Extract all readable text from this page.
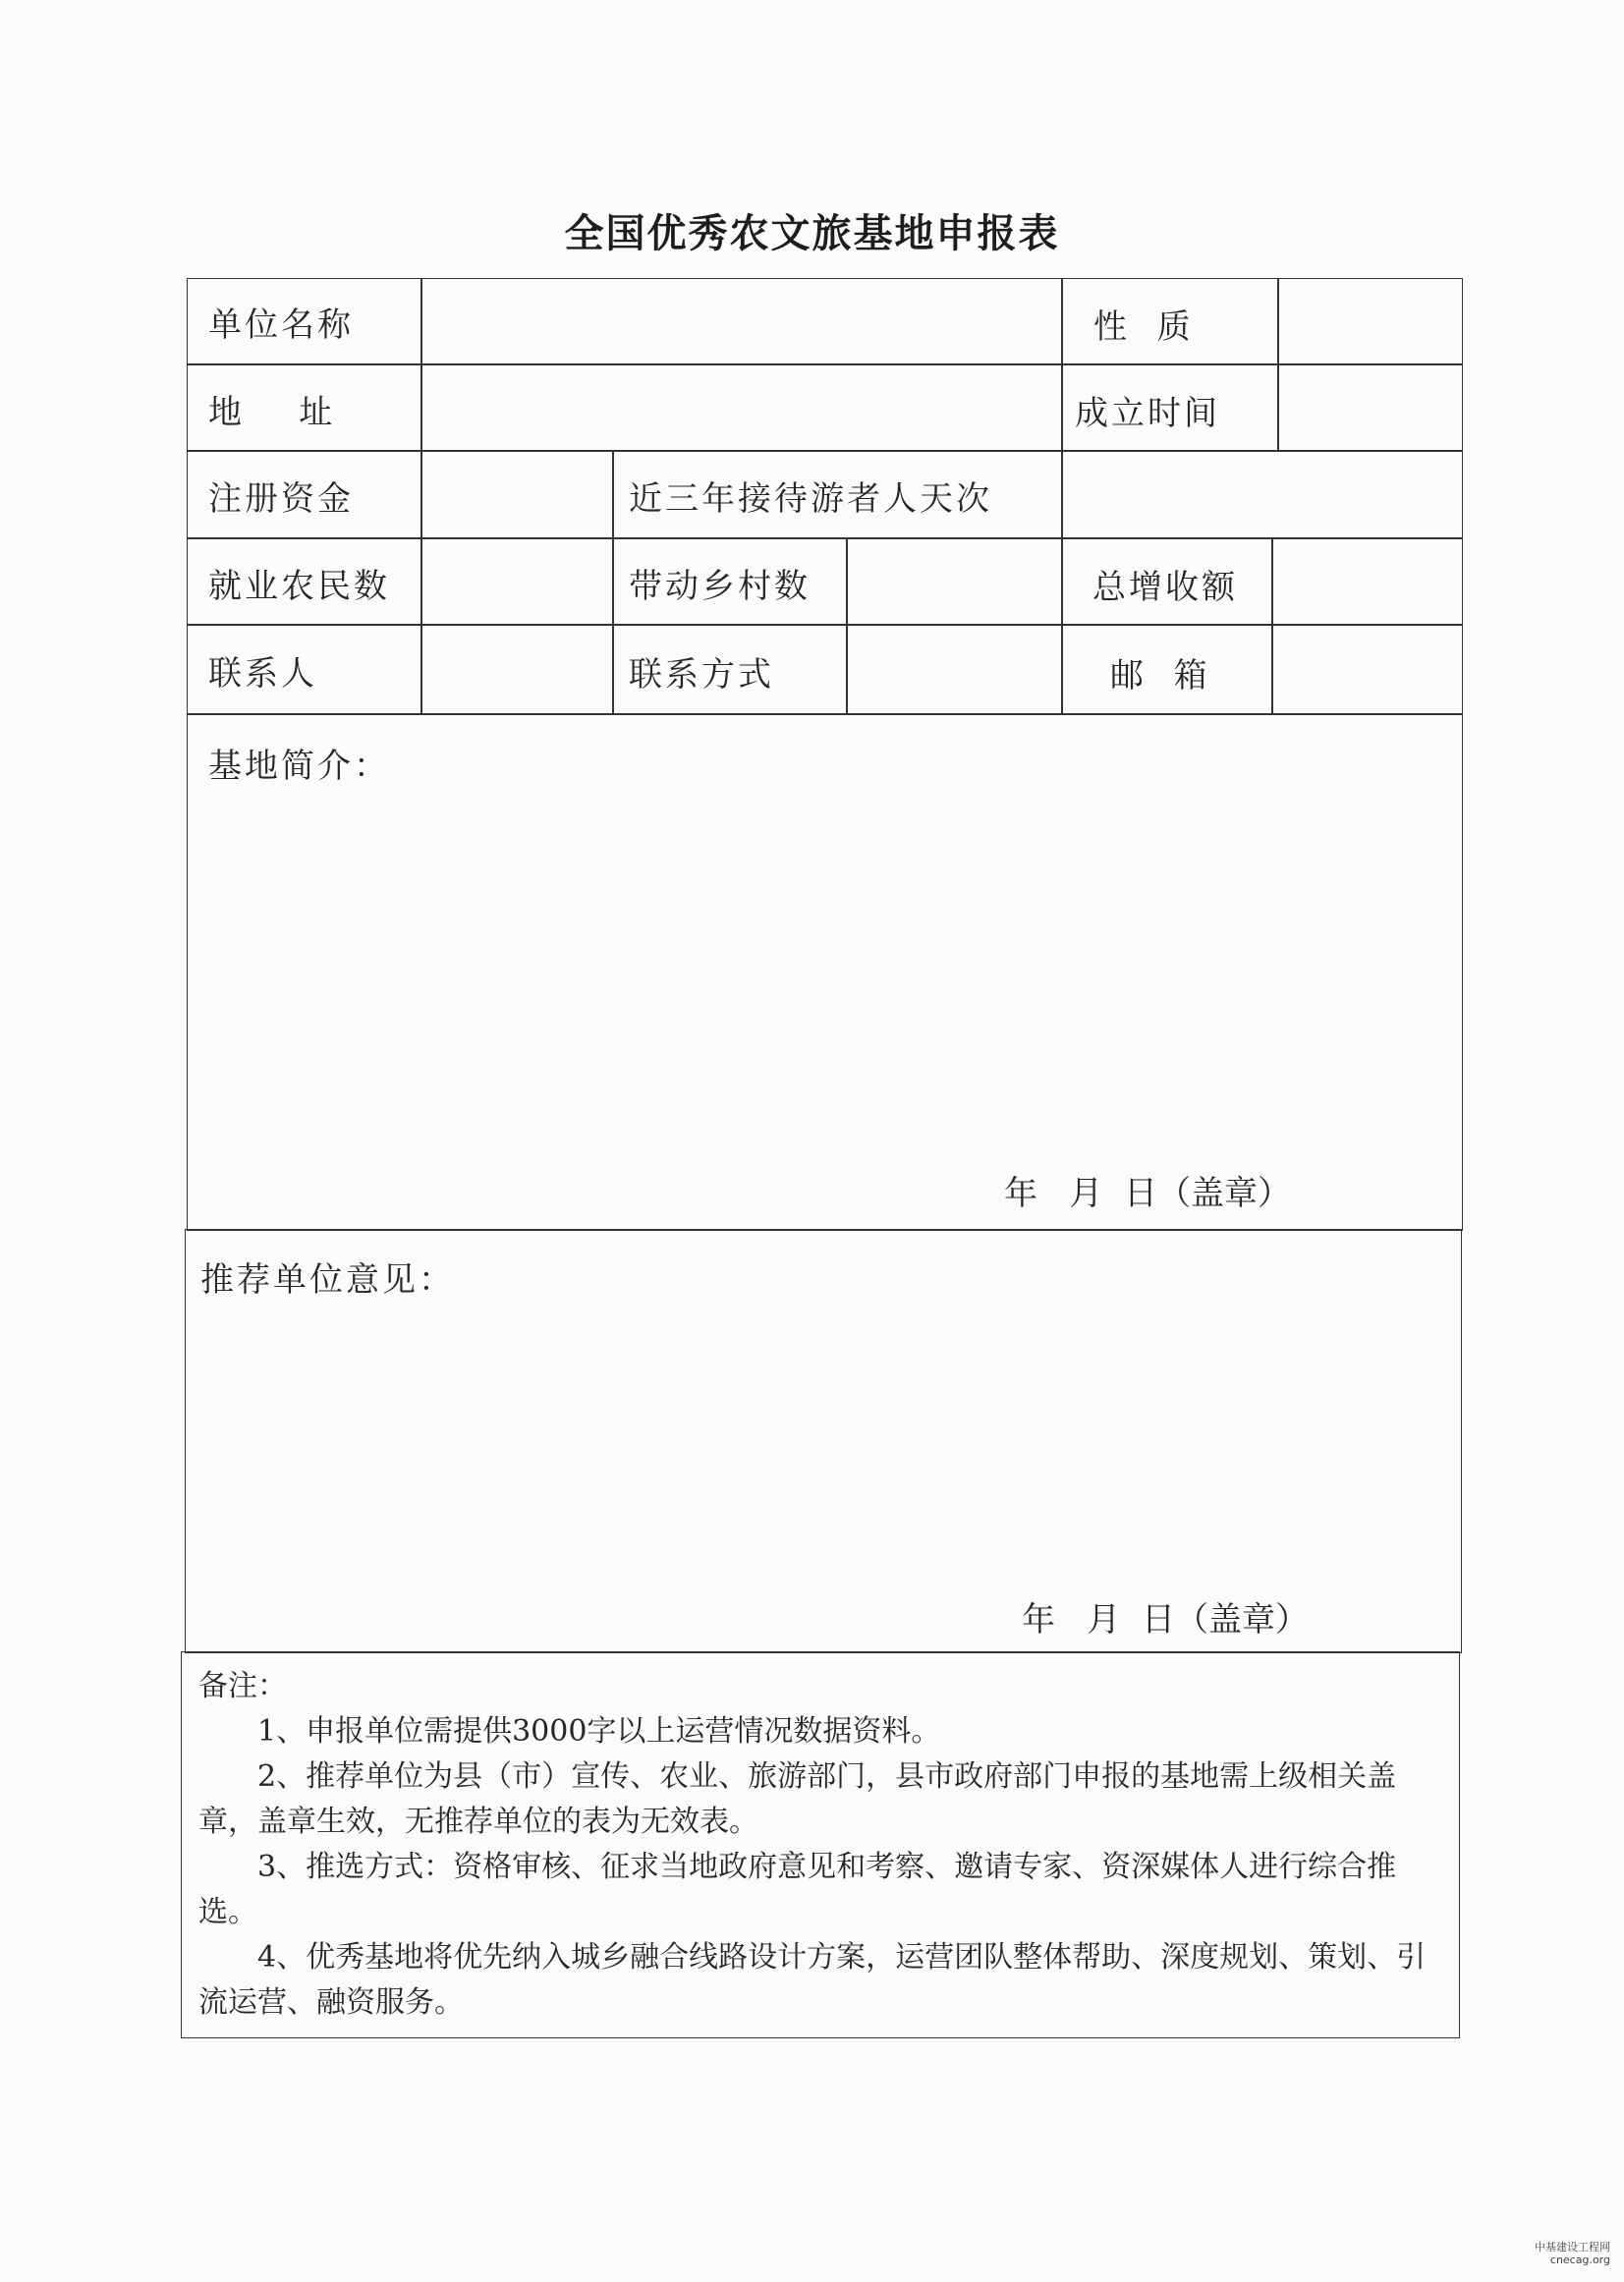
全国优秀农文旅基地申报表
单位名称	性  质
地    址	成立时间
注册资金	近三年接待游者人天次
就业农民数	带动乡村数	总增收额
联系人	联系方式	邮  箱
基地简介：
年   月  日（盖章）
推荐单位意见：
年   月  日（盖章）

备注：

1、申报单位需提供3000字以上运营情况数据资料。

2、推荐单位为县（市）宣传、农业、旅游部门，县市政府部门申报的基地需上级相关盖章，盖章生效，无推荐单位的表为无效表。

3、推选方式：资格审核、征求当地政府意见和考察、邀请专家、资深媒体人进行综合推选。

4、优秀基地将优先纳入城乡融合线路设计方案，运营团队整体帮助、深度规划、策划、引流运营、融资服务。

中基建设工程网
cnecag.org
